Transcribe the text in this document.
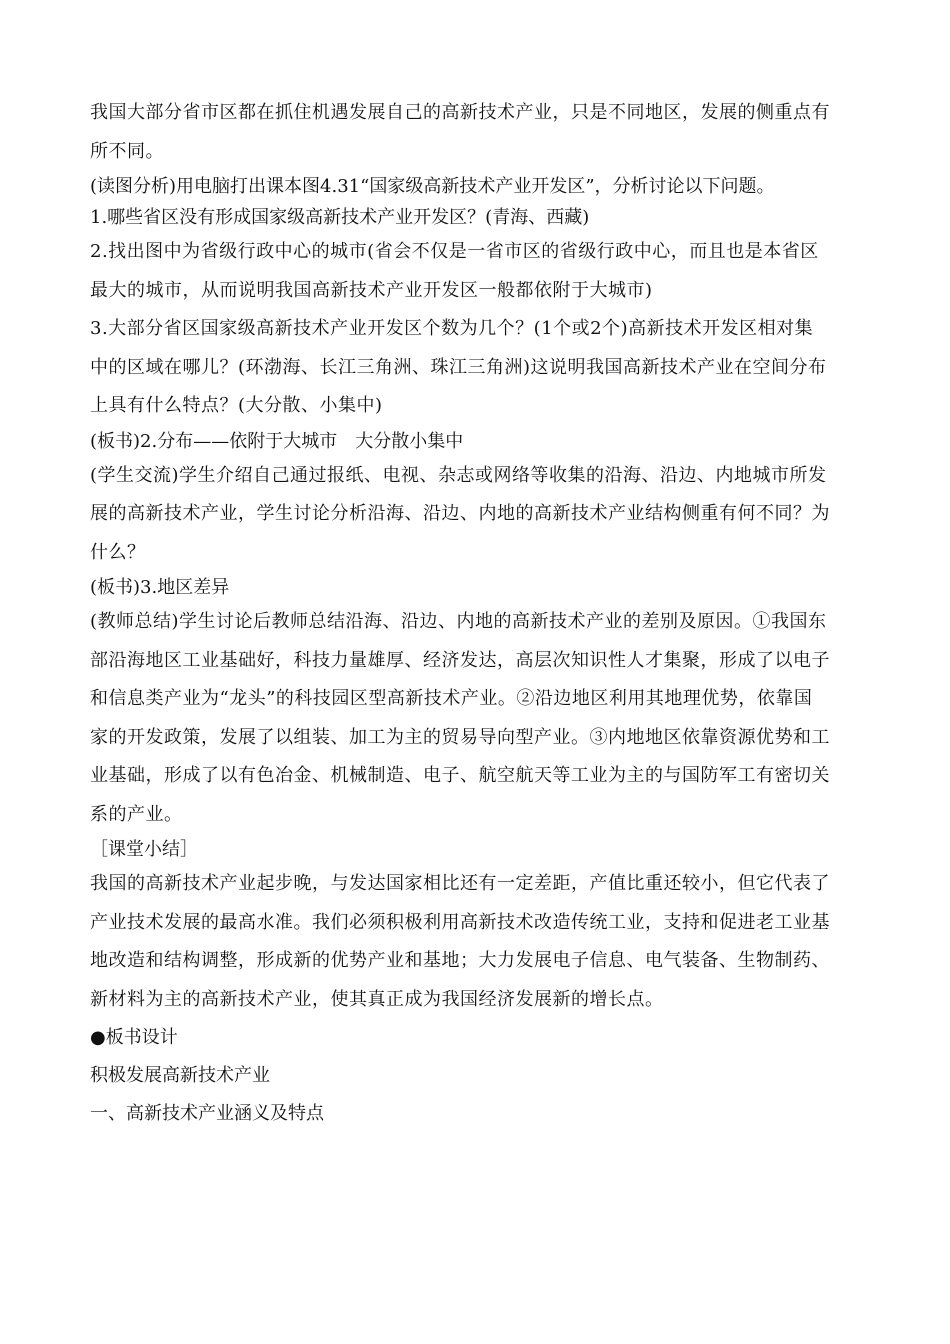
我国大部分省市区都在抓住机遇发展自己的高新技术产业，只是不同地区，发展的侧重点有

所不同。

(读图分析)用电脑打出课本图4.31“国家级高新技术产业开发区”，分析讨论以下问题。

1.哪些省区没有形成国家级高新技术产业开发区？(青海、西藏)

2.找出图中为省级行政中心的城市(省会不仅是一省市区的省级行政中心，而且也是本省区

最大的城市，从而说明我国高新技术产业开发区一般都依附于大城市)

3.大部分省区国家级高新技术产业开发区个数为几个？(1个或2个)高新技术开发区相对集

中的区域在哪儿？(环渤海、长江三角洲、珠江三角洲)这说明我国高新技术产业在空间分布

上具有什么特点？(大分散、小集中)

(板书)2.分布——依附于大城市　大分散小集中

(学生交流)学生介绍自己通过报纸、电视、杂志或网络等收集的沿海、沿边、内地城市所发

展的高新技术产业，学生讨论分析沿海、沿边、内地的高新技术产业结构侧重有何不同？为

什么？

(板书)3.地区差异

(教师总结)学生讨论后教师总结沿海、沿边、内地的高新技术产业的差别及原因。①我国东

部沿海地区工业基础好，科技力量雄厚、经济发达，高层次知识性人才集聚，形成了以电子

和信息类产业为“龙头”的科技园区型高新技术产业。②沿边地区利用其地理优势，依靠国

家的开发政策，发展了以组装、加工为主的贸易导向型产业。③内地地区依靠资源优势和工

业基础，形成了以有色冶金、机械制造、电子、航空航天等工业为主的与国防军工有密切关

系的产业。

［课堂小结］

我国的高新技术产业起步晚，与发达国家相比还有一定差距，产值比重还较小，但它代表了

产业技术发展的最高水准。我们必须积极利用高新技术改造传统工业，支持和促进老工业基

地改造和结构调整，形成新的优势产业和基地；大力发展电子信息、电气装备、生物制药、

新材料为主的高新技术产业，使其真正成为我国经济发展新的增长点。

●板书设计

积极发展高新技术产业

一、高新技术产业涵义及特点
